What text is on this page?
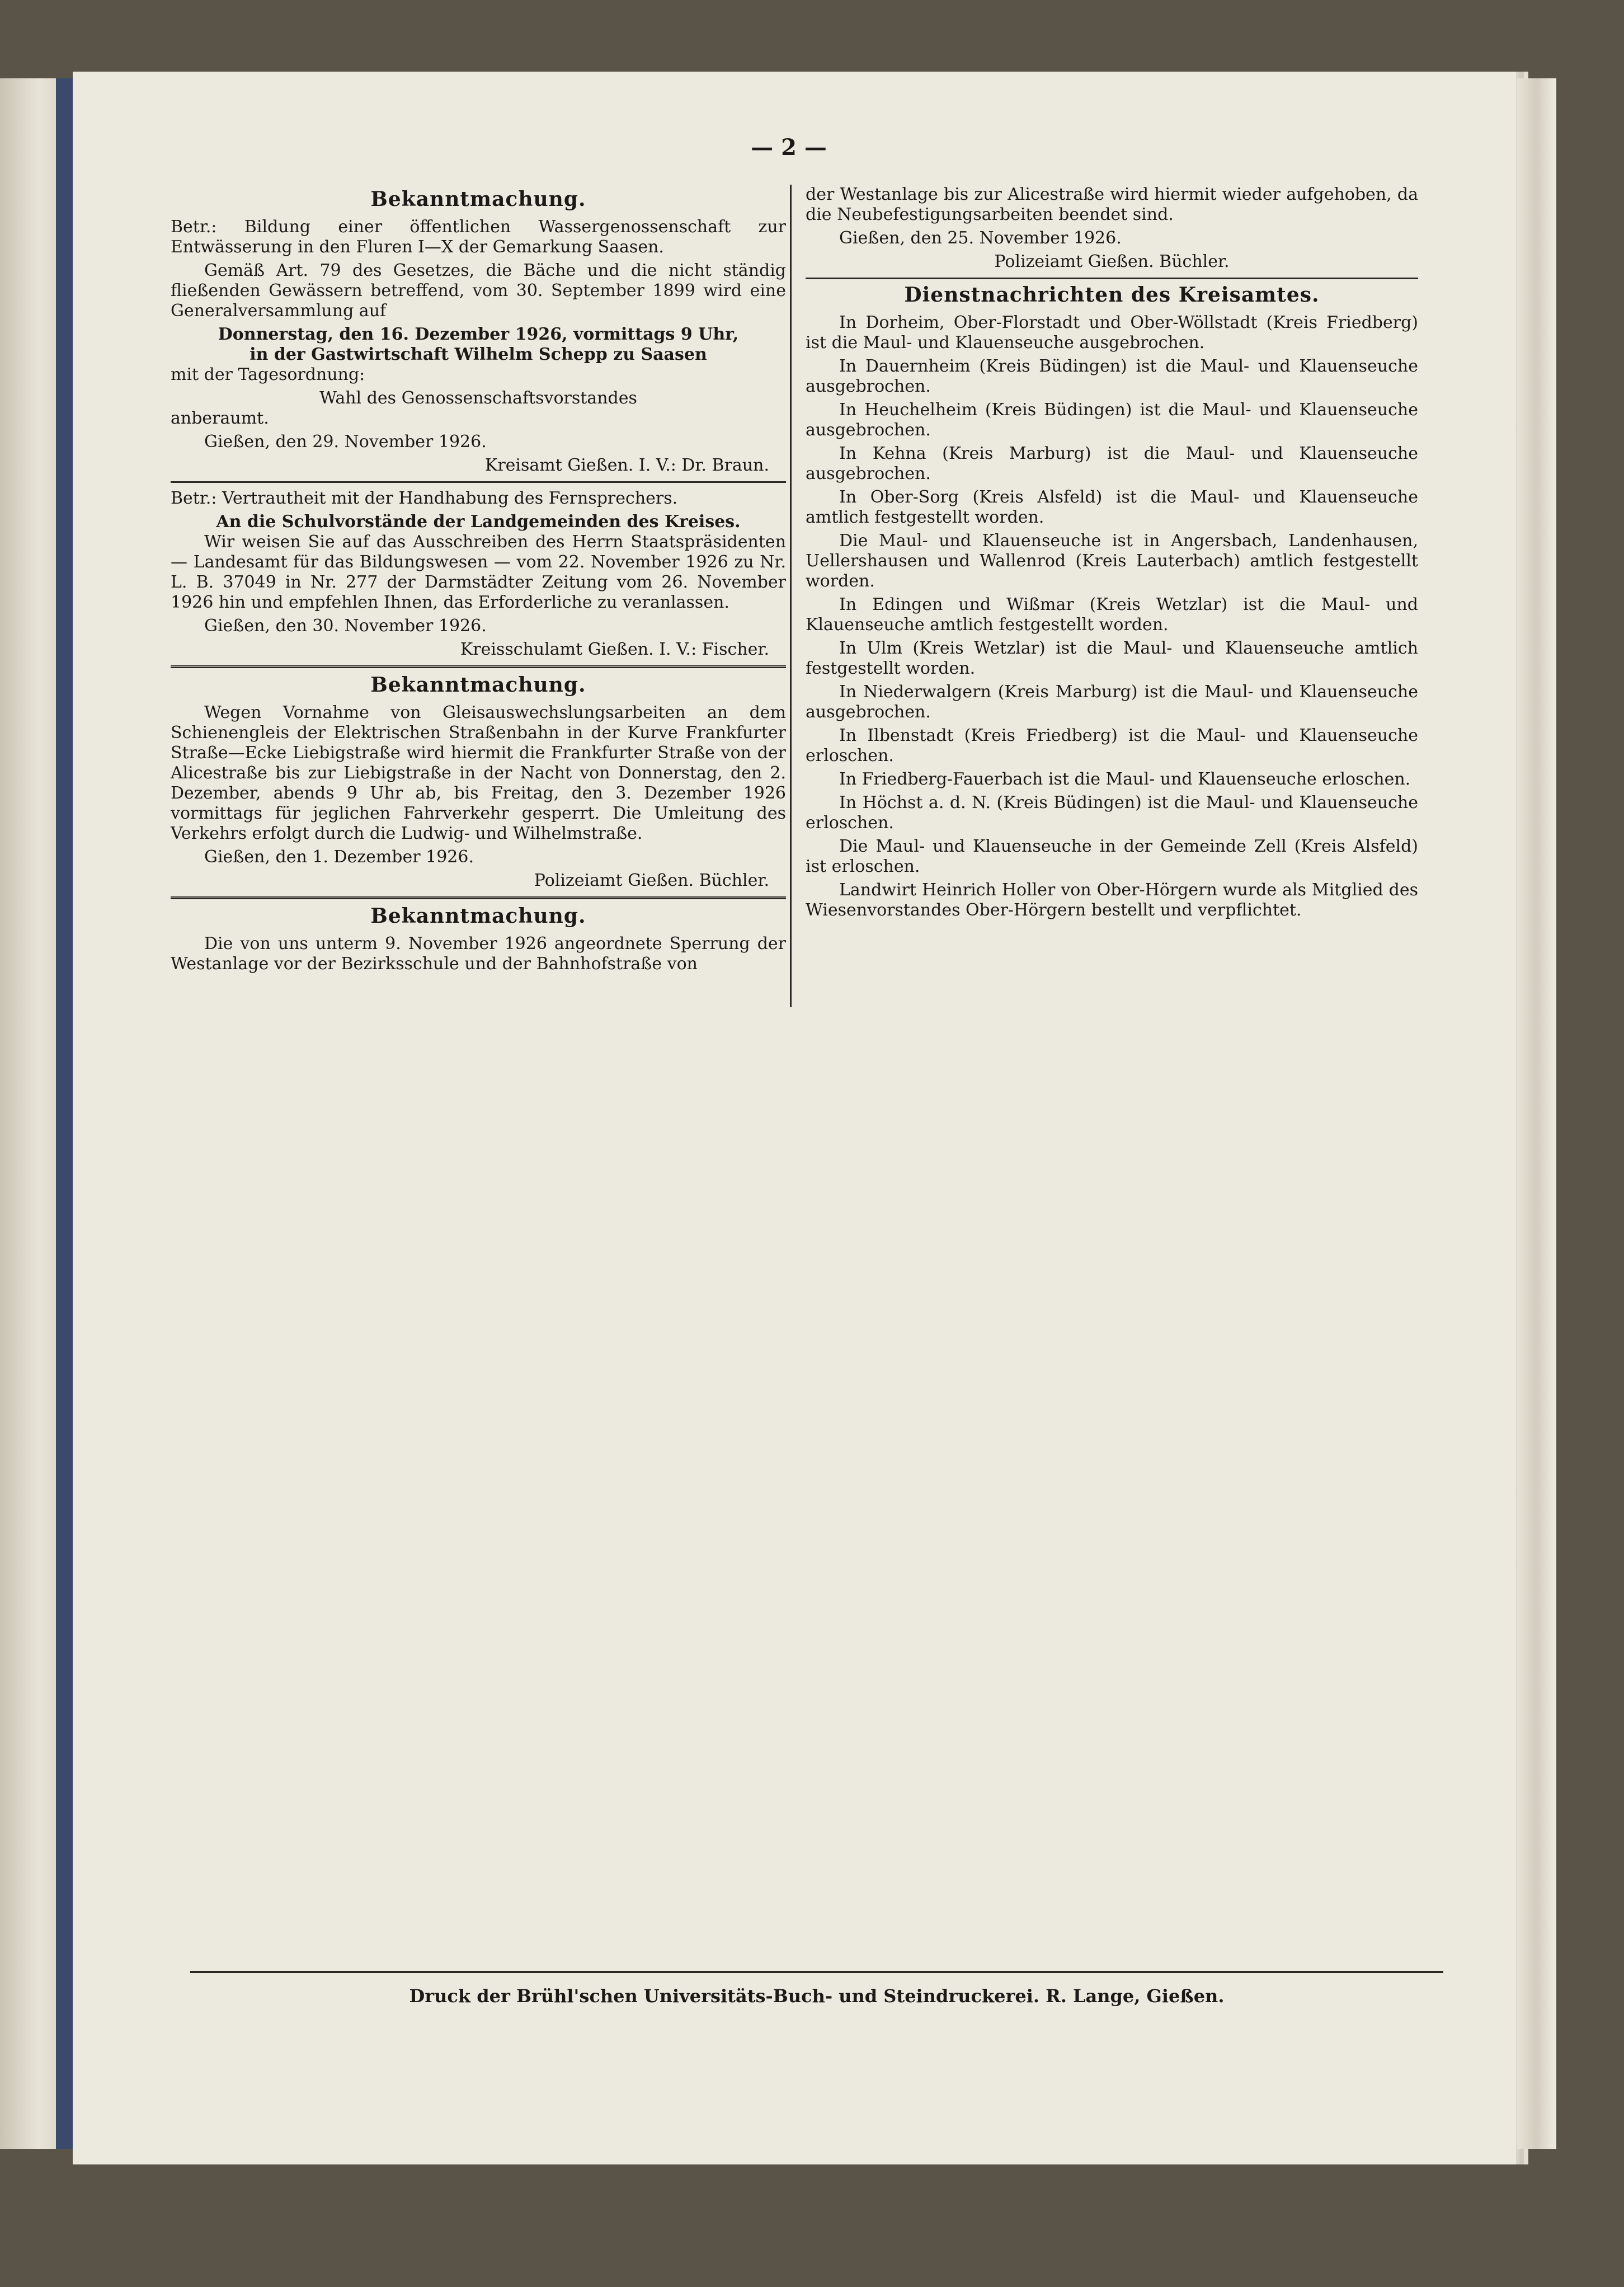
— 2 —
Bekanntmachung.

Betr.: Bildung einer öffentlichen Wassergenossenschaft zur Entwässerung in den Fluren I—X der Gemarkung Saasen.

Gemäß Art. 79 des Gesetzes, die Bäche und die nicht ständig fließenden Gewässern betreffend, vom 30. September 1899 wird eine Generalversammlung auf

Donnerstag, den 16. Dezember 1926, vormittags 9 Uhr,
in der Gastwirtschaft Wilhelm Schepp zu Saasen

mit der Tagesordnung:

Wahl des Genossenschaftsvorstandes

anberaumt.

Gießen, den 29. November 1926.

Kreisamt Gießen. I. V.: Dr. Braun.

Betr.: Vertrautheit mit der Handhabung des Fernsprechers.

An die Schulvorstände der Landgemeinden des Kreises.

Wir weisen Sie auf das Ausschreiben des Herrn Staatspräsidenten — Landesamt für das Bildungswesen — vom 22. November 1926 zu Nr. L. B. 37049 in Nr. 277 der Darmstädter Zeitung vom 26. November 1926 hin und empfehlen Ihnen, das Erforderliche zu veranlassen.

Gießen, den 30. November 1926.

Kreisschulamt Gießen. I. V.: Fischer.
Bekanntmachung.

Wegen Vornahme von Gleisauswechslungsarbeiten an dem Schienengleis der Elektrischen Straßenbahn in der Kurve Frankfurter Straße—Ecke Liebigstraße wird hiermit die Frankfurter Straße von der Alicestraße bis zur Liebigstraße in der Nacht von Donnerstag, den 2. Dezember, abends 9 Uhr ab, bis Freitag, den 3. Dezember 1926 vormittags für jeglichen Fahrverkehr gesperrt. Die Umleitung des Verkehrs erfolgt durch die Ludwig- und Wilhelmstraße.

Gießen, den 1. Dezember 1926.

Polizeiamt Gießen. Büchler.
Bekanntmachung.

Die von uns unterm 9. November 1926 angeordnete Sperrung der Westanlage vor der Bezirksschule und der Bahnhofstraße von

der Westanlage bis zur Alicestraße wird hiermit wieder aufgehoben, da die Neubefestigungsarbeiten beendet sind.

Gießen, den 25. November 1926.

Polizeiamt Gießen. Büchler.
Dienstnachrichten des Kreisamtes.

In Dorheim, Ober-Florstadt und Ober-Wöllstadt (Kreis Friedberg) ist die Maul- und Klauenseuche ausgebrochen.

In Dauernheim (Kreis Büdingen) ist die Maul- und Klauenseuche ausgebrochen.

In Heuchelheim (Kreis Büdingen) ist die Maul- und Klauenseuche ausgebrochen.

In Kehna (Kreis Marburg) ist die Maul- und Klauenseuche ausgebrochen.

In Ober-Sorg (Kreis Alsfeld) ist die Maul- und Klauenseuche amtlich festgestellt worden.

Die Maul- und Klauenseuche ist in Angersbach, Landenhausen, Uellershausen und Wallenrod (Kreis Lauterbach) amtlich festgestellt worden.

In Edingen und Wißmar (Kreis Wetzlar) ist die Maul- und Klauenseuche amtlich festgestellt worden.

In Ulm (Kreis Wetzlar) ist die Maul- und Klauenseuche amtlich festgestellt worden.

In Niederwalgern (Kreis Marburg) ist die Maul- und Klauenseuche ausgebrochen.

In Ilbenstadt (Kreis Friedberg) ist die Maul- und Klauenseuche erloschen.

In Friedberg-Fauerbach ist die Maul- und Klauenseuche erloschen.

In Höchst a. d. N. (Kreis Büdingen) ist die Maul- und Klauenseuche erloschen.

Die Maul- und Klauenseuche in der Gemeinde Zell (Kreis Alsfeld) ist erloschen.

Landwirt Heinrich Holler von Ober-Hörgern wurde als Mitglied des Wiesenvorstandes Ober-Hörgern bestellt und verpflichtet.

Druck der Brühl'schen Universitäts-Buch- und Steindruckerei. R. Lange, Gießen.
